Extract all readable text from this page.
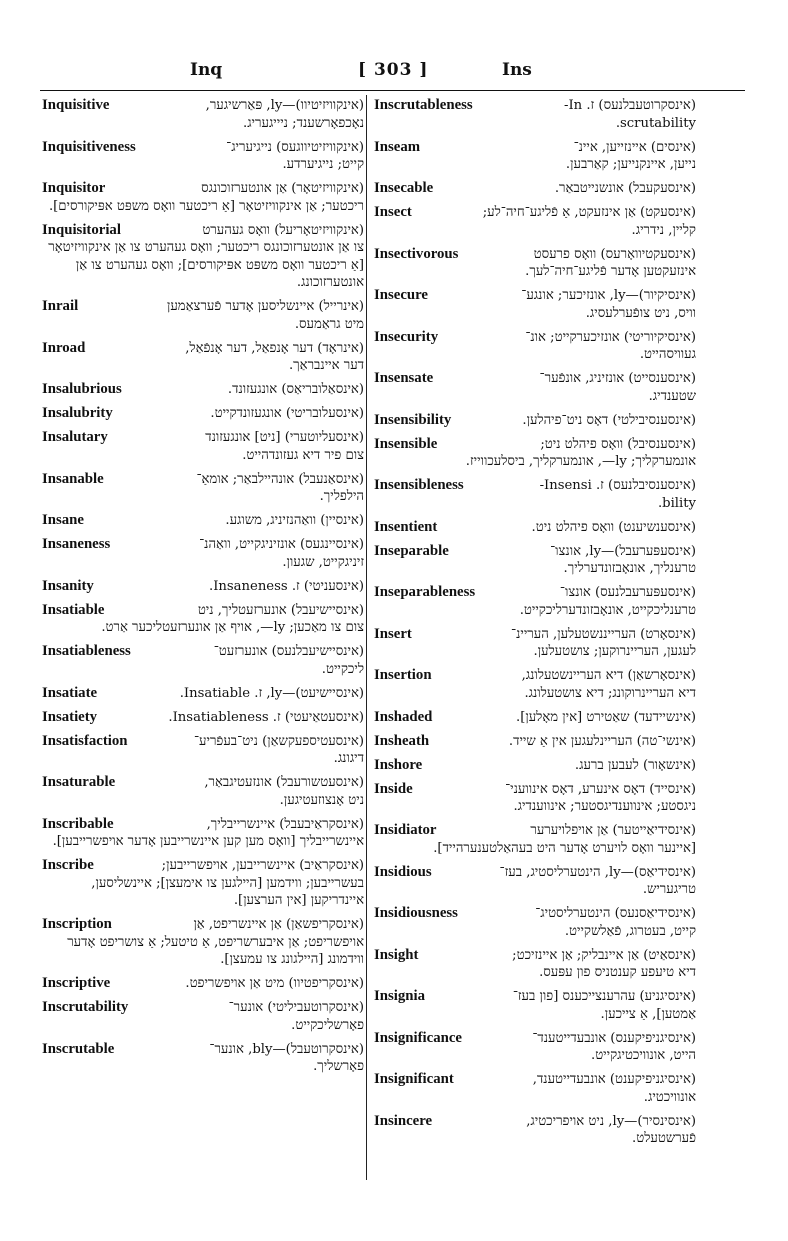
Inq	[ 303 ]	Ins
Inquisitive	(אינקוויזיטיוו)—ly, פּאַרשיגער,
נאָכפאָרשענד; ניייגעריג.
Inquisitiveness	(אינקוויזיטיווגעס) נייגיעריג־
קייט; נייגיערדע.
Inquisitor	(אינקוויזיטאָר) אַן אונטערזוכונגס
ריכטער; אַן אינקוויזיטאָר [אַ ריכטער וואָס משפּט אפּיקורסים].
Inquisitorial	(אינקוויזיטאָריעל) וואָס געהערט
צו אַן אונטערזוכונגס ריכטער; וואָס געהערט צו אַן אינקוויזיטאָר [אַ ריכטער וואָס משפּט אפּיקורסים]; וואָס געהערט צו אַן אונטערזוכונג.
Inrail	(אינרייל) איינשליסען אָדער פֿערצאַמען
מיט גראַמעס.
Inroad	(אינראָד) דער אָנפאַל, דער אָנפֿאַל,
דער איינבראַך.
Insalubrious	(אינסאַלובריאַס) אונגעזונד.
Insalubrity	(אינסעלובריטי) אונגעזונדקייט.
Insalutary	(אינסעליוטערי) [ניט] אונגעזונד
צום פיר דיא געזונדהייט.
Insanable	(אינסאַנעבל) אונהיילבאַר; אומאַ־
הילפליך.
Insane	(אינסיין) וואַהנזיניג, משוגע.
Insaneness	(אינסיינגעס) אונזיניגקייט, וואַהנ־
זיניגקייט, שגעון.
Insanity	(אינסעניטי) ז. Insaneness.
Insatiable	(אינסיישיעבל) אונערזעטליך, ניט
צום צו מאַכען; ly—, אויף אַן אונערזעטליכער אַרט.
Insatiableness	(אינסיישיעבלנעס) אונערזעט־
ליכקייט.
Insatiate	(אינסיישיעט)—ly, ז. Insatiable.
Insatiety	(אינסעטאַיעטי) ז. Insatiableness.
Insatisfaction	(אינסעטיספעקשאַן) ניט־בעפֿריע־
דיגונג.
Insaturable	(אינסעטשורעבל) אונזעטיגבאַר,
ניט אָנצוזעטיגען.
Inscribable	(אינסקראַיבעבל) איינשרייבליך,
איינשרייבליך [וואָס מען קען איינשרייבען אָדער אויפשרייבען].
Inscribe	(אינסקראַיב) איינשרייבען, אויפשרייבען;
בעשרייבען; ווידמען [היילגען צו אימעצן]; איינשליסען, איינדריקען [אין הערצען].
Inscription	(אינסקריפשאַן) אַן איינשריפט, אַן
אויפשריפט; אַן איבערשריפט, אַ טיטעל; אַ צושריפט אָדער ווידמונג [היילגונג צו עמעצן].
Inscriptive	(אינסקריפטיוו) מיט אַן אויפשריפט.
Inscrutability	(אינסקרוטעביליטי) אונער־
פאָרשליכקייט.
Inscrutable	(אינסקרוטעבל)—bly, אונער־
פאָרשליך.
Inscrutableness	(אינסקרוטעבלנעס) ז. In-
scrutability.
Inseam	(אינסים) איינזייען, איינ־
נייען, איינקנייען; קאַרבען.
Insecable	(אינסעקעבל) אונשנייטבאַר.
Insect	(אינסעקט) אַן אינזעקט, אַ פֿליגע־חיה־לע;
קליין, נידריג.
Insectivorous	(אינסעקטיוואָרעס) וואָס פרעסט
אינזעקטען אָדער פֿליגע־חיה־לעך.
Insecure	(אינסיקיור)—ly, אונזיכער; אונגע־
וויס, ניט צופֿערלעסיג.
Insecurity	(אינסיקיוריטי) אונזיכערקייט; אונ־
געוויסהייט.
Insensate	(אינסענסייט) אונזיניג, אונפֿער־
שטענדיג.
Insensibility	(אינסענסיבילטי) דאָס ניט־פיהלען.
Insensible	(אינסענסיבל) וואָס פיהלט ניט;
אונמערקליך; ly—, אונמערקליך, ביסלעכווייז.
Insensibleness	(אינסענסיבלנעס) ז. Insensi-
bility.
Insentient	(אינסענשיענט) וואָס פיהלט ניט.
Inseparable	(אינסעפּערעבל)—ly, אונצו־
טרענליך, אונאָבזונדערליך.
Inseparableness	(אינסעפּערעבלנעס) אונצו־
טרענליכקייט, אונאָבזונדערליכקייט.
Insert	(אינסאָרט) הערייננשטעלען, העריינ־
לעגען, העריינרוקען; צושטעלען.
Insertion	(אינסאָרשאַן) דיא העריינשטעלונג,
דיא העריינרוקונג; דיא צושטעלונג.
Inshaded	(אינשיידעד) שאַטירט [אין מאָלען].
Insheath	(אינשי־טה) העריינלעגען אין אַ שייד.
Inshore	(אינשאָור) לעבען ברעג.
Inside	(אינסייד) דאָס אינערע, דאָס אינוועני־
ניגסטע; אינווענדיגסטער; אינווענדיג.
Insidiator	(אינסידיאַייטער) אַן אויפלויערער
[איינער וואָס לויערט אָדער היט בעהאַלטענערהייד].
Insidious	(אינסידיאַס)—ly, הינטערליסטיג, בעז־
טריגעריש.
Insidiousness	(אינסידיאַסנעס) הינטערליסטיג־
קייט, בעטרוג, פֿאַלשקייט.
Insight	(אינסאַיט) אַן איינבליק; אַן איינזיכט;
דיא טיעפע קענטניס פון עפּעס.
Insignia	(אינסיגניע) עהרענצייכענס [פון בעז־
אַמטען], אַ צייכען.
Insignificance	(אינסיגניפיקענס) אונבעדייטענד־
הייט, אונוויכטיגקייט.
Insignificant	(אינסיגניפיקענט) אונבעדייטענד,
אונוויכטיג.
Insincere	(אינסינסיר)—ly, ניט אויפריכטיג,
פֿערשטעלט.
